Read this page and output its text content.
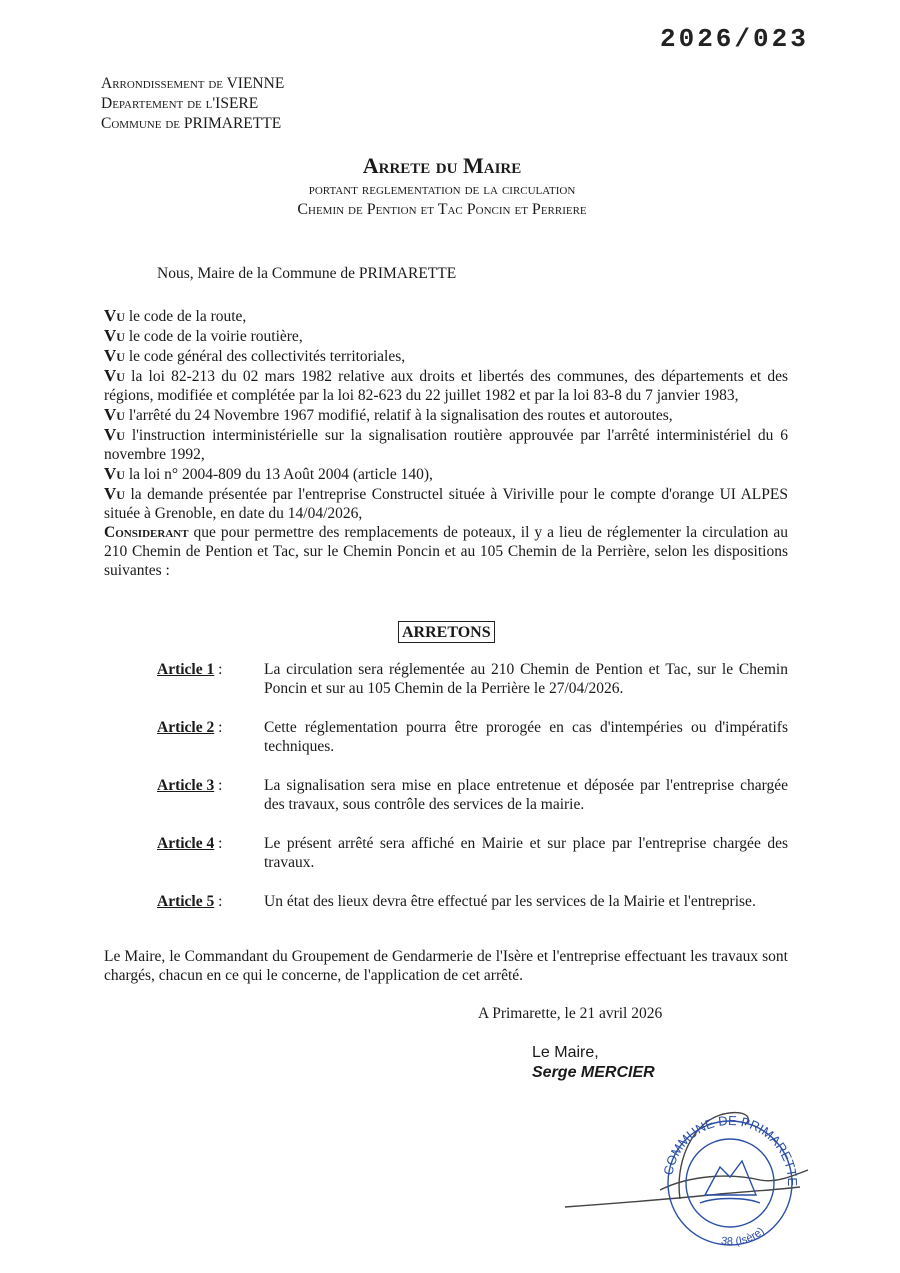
2026/023
Arrondissement de VIENNE
Departement de l'ISERE
Commune de PRIMARETTE
Arrete du Maire
portant reglementation de la circulation
Chemin de Pention et Tac Poncin et Perriere
Nous, Maire de la Commune de PRIMARETTE

Vu le code de la route,

Vu le code de la voirie routière,

Vu le code général des collectivités territoriales,

Vu la loi 82-213 du 02 mars 1982 relative aux droits et libertés des communes, des départements et des régions, modifiée et complétée par la loi 82-623 du 22 juillet 1982 et par la loi 83-8 du 7 janvier 1983,

Vu l'arrêté du 24 Novembre 1967 modifié, relatif à la signalisation des routes et autoroutes,

Vu l'instruction interministérielle sur la signalisation routière approuvée par l'arrêté interministériel du 6 novembre 1992,

Vu la loi n° 2004-809 du 13 Août 2004 (article 140),

Vu la demande présentée par l'entreprise Constructel située à Viriville pour le compte d'orange UI ALPES située à Grenoble, en date du 14/04/2026,

Considerant que pour permettre des remplacements de poteaux, il y a lieu de réglementer la circulation au 210 Chemin de Pention et Tac, sur le Chemin Poncin et au 105 Chemin de la Perrière, selon les dispositions suivantes :

ARRETONS
Article 1 :	La circulation sera réglementée au 210 Chemin de Pention et Tac, sur le Chemin Poncin et sur au 105 Chemin de la Perrière le 27/04/2026.
Article 2 :	Cette réglementation pourra être prorogée en cas d'intempéries ou d'impératifs techniques.
Article 3 :	La signalisation sera mise en place entretenue et déposée par l'entreprise chargée des travaux, sous contrôle des services de la mairie.
Article 4 :	Le présent arrêté sera affiché en Mairie et sur place par l'entreprise chargée des travaux.
Article 5 :	Un état des lieux devra être effectué par les services de la Mairie et l'entreprise.
Le Maire, le Commandant du Groupement de Gendarmerie de l'Isère et l'entreprise effectuant les travaux sont chargés, chacun en ce qui le concerne, de l'application de cet arrêté.
A Primarette, le 21 avril 2026
Le Maire,
Serge MERCIER
COMMUNE DE PRIMARETTE
38 (Isère)
